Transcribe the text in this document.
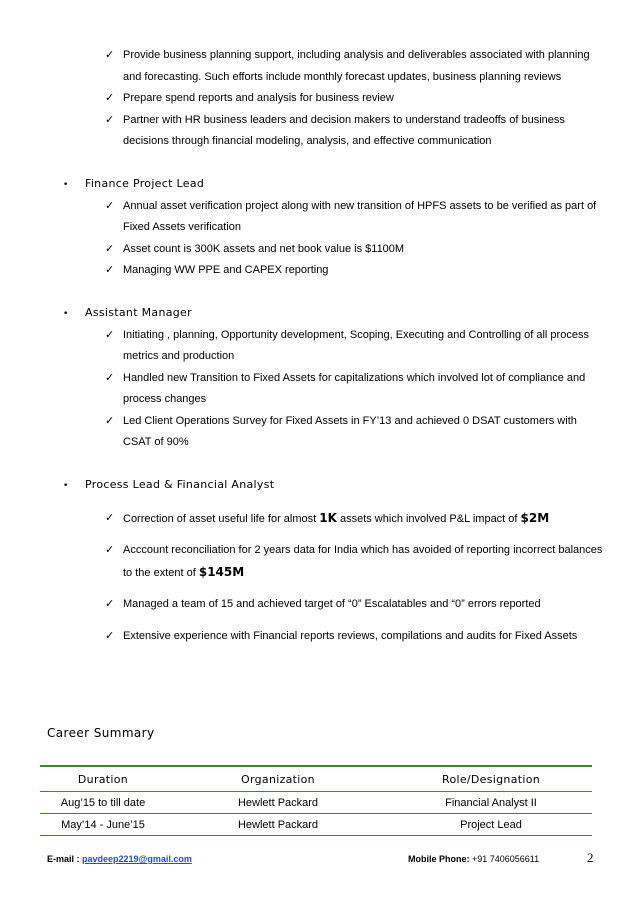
✓ Provide business planning support, including analysis and deliverables associated with planning
and forecasting. Such efforts include monthly forecast updates, business planning reviews
✓ Prepare spend reports and analysis for business review
✓ Partner with HR business leaders and decision makers to understand tradeoffs of business
decisions through financial modeling, analysis, and effective communication
• Finance Project Lead
✓ Annual asset verification project along with new transition of HPFS assets to be verified as part of
Fixed Assets verification
✓ Asset count is 300K assets and net book value is $1100M
✓ Managing WW PPE and CAPEX reporting
• Assistant Manager
✓ Initiating , planning, Opportunity development, Scoping, Executing and Controlling of all process
metrics and production
✓ Handled new Transition to Fixed Assets for capitalizations which involved lot of compliance and
process changes
✓ Led Client Operations Survey for Fixed Assets in FY’13 and achieved 0 DSAT customers with
CSAT of 90%
• Process Lead & Financial Analyst
✓ Correction of asset useful life for almost 1K assets which involved P&L impact of $2M
✓ Acccount reconciliation for 2 years data for India which has avoided of reporting incorrect balances
to the extent of $145M
✓ Managed a team of 15 and achieved target of “0” Escalatables and “0” errors reported
✓ Extensive experience with Financial reports reviews, compilations and audits for Fixed Assets
Career Summary
Duration	Organization	Role/Designation
Aug’15 to till date	Hewlett Packard	Financial Analyst II
May’14 - June’15	Hewlett Packard	Project Lead
E-mail : pavdeep2219@gmail.com	Mobile Phone: +91 7406056611	2
